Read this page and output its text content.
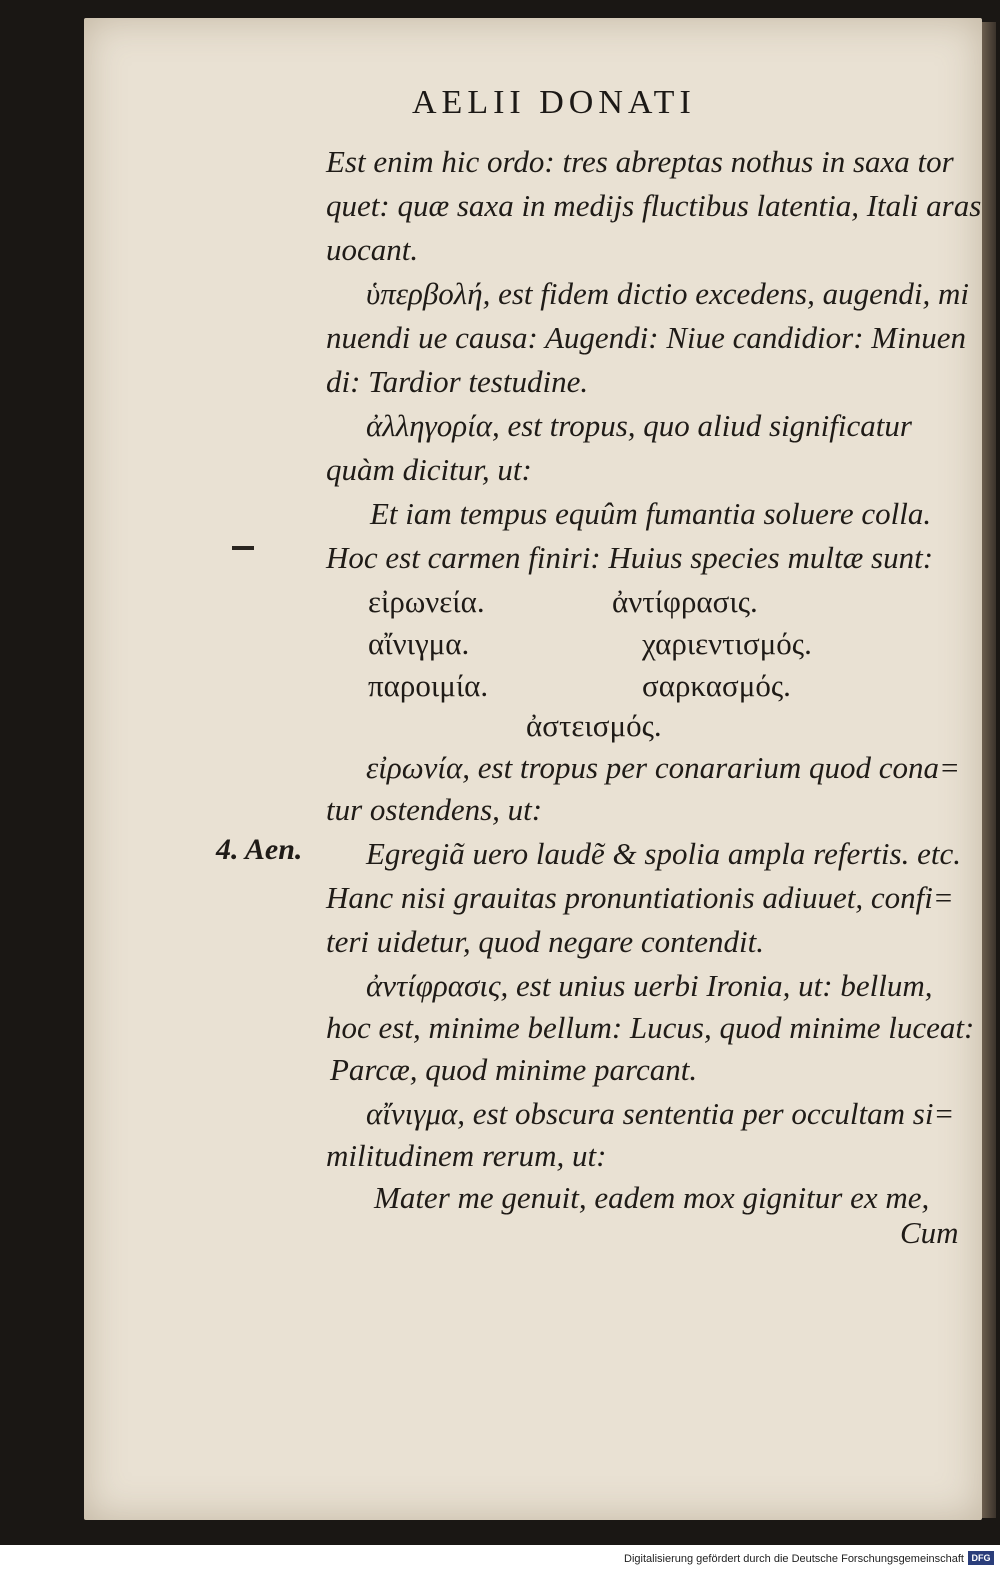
AELII DONATI
4. Aen.
Est enim hic ordo: tres abreptas nothus in saxa tor
quet: quæ saxa in medijs fluctibus latentia, Itali aras
uocant.
ὑπερβολή, est fidem dictio excedens, augendi, mi
nuendi ue causa: Augendi: Niue candidior: Minuen
di: Tardior testudine.
ἀλληγορία, est tropus, quo aliud significatur
quàm dicitur, ut:
Et iam tempus equûm fumantia soluere colla.
Hoc est carmen finiri: Huius species multæ sunt:
εἰρωνεία.	ἀντίφρασις.
αἴνιγμα.	χαριεντισμός.
παροιμία.	σαρκασμός.
ἀστεισμός.
εἰρωνία, est tropus per conararium quod cona=
tur ostendens, ut:
Egregiã uero laudẽ & spolia ampla refertis. etc.
Hanc nisi grauitas pronuntiationis adiuuet, confi=
teri uidetur, quod negare contendit.
ἀντίφρασις, est unius uerbi Ironia, ut: bellum,
hoc est, minime bellum: Lucus, quod minime luceat:
Parcæ, quod minime parcant.
αἴνιγμα, est obscura sententia per occultam si=
militudinem rerum, ut:
Mater me genuit, eadem mox gignitur ex me,
Cum
Digitalisierung gefördert durch die Deutsche Forschungsgemeinschaft DFG
